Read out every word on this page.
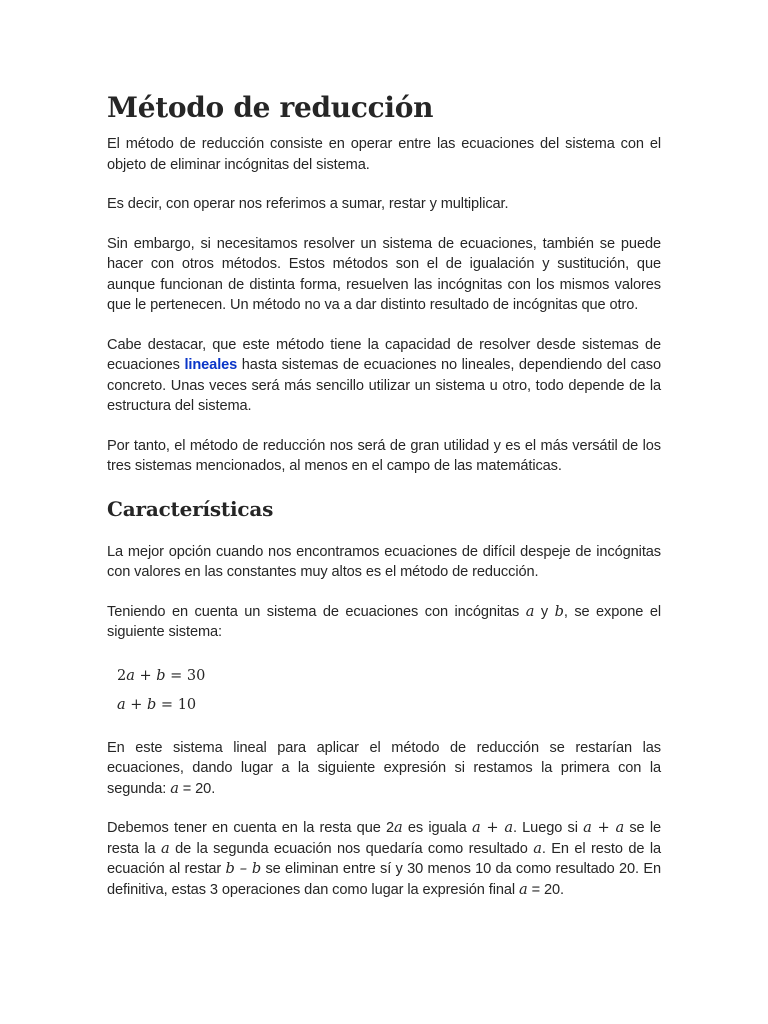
Método de reducción

El método de reducción consiste en operar entre las ecuaciones del sistema con el objeto de eliminar incógnitas del sistema.

Es decir, con operar nos referimos a sumar, restar y multiplicar.

Sin embargo, si necesitamos resolver un sistema de ecuaciones, también se puede hacer con otros métodos. Estos métodos son el de igualación y sustitución, que aunque funcionan de distinta forma, resuelven las incógnitas con los mismos valores que le pertenecen. Un método no va a dar distinto resultado de incógnitas que otro.

Cabe destacar, que este método tiene la capacidad de resolver desde sistemas de ecuaciones lineales hasta sistemas de ecuaciones no lineales, dependiendo del caso concreto. Unas veces será más sencillo utilizar un sistema u otro, todo depende de la estructura del sistema.

Por tanto, el método de reducción nos será de gran utilidad y es el más versátil de los tres sistemas mencionados, al menos en el campo de las matemáticas.

Características

La mejor opción cuando nos encontramos ecuaciones de difícil despeje de incógnitas con valores en las constantes muy altos es el método de reducción.

Teniendo en cuenta un sistema de ecuaciones con incógnitas a y b, se expone el siguiente sistema:

2a + b = 30
a + b = 10

En este sistema lineal para aplicar el método de reducción se restarían las ecuaciones, dando lugar a la siguiente expresión si restamos la primera con la segunda: a = 20.

Debemos tener en cuenta en la resta que 2a es iguala a + a. Luego si a + a se le resta la a de la segunda ecuación nos quedaría como resultado a. En el resto de la ecuación al restar b – b se eliminan entre sí y 30 menos 10 da como resultado 20. En definitiva, estas 3 operaciones dan como lugar la expresión final a = 20.
